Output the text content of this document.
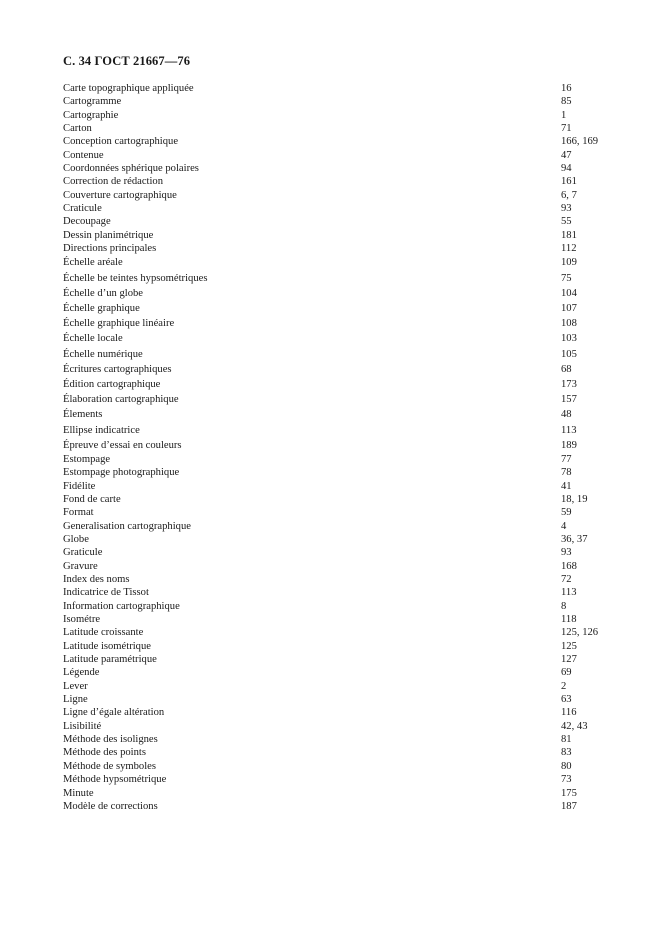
С. 34 ГОСТ 21667—76
Carte topographique appliquée	16
Cartogramme	85
Cartographie	1
Carton	71
Conception cartographique	166, 169
Contenue	47
Coordonnées sphérique polaires	94
Correction de rédaction	161
Couverture cartographique	6, 7
Craticule	93
Decoupage	55
Dessin planimétrique	181
Directions principales	112
Échelle aréale	109
Échelle be teintes hypsométriques	75
Échelle d’un globe	104
Échelle graphique	107
Échelle graphique linéaire	108
Échelle locale	103
Échelle numérique	105
Écritures cartographiques	68
Édition cartographique	173
Élaboration cartographique	157
Élements	48
Ellipse indicatrice	113
Épreuve d’essai en couleurs	189
Estompage	77
Estompage photographique	78
Fidélite	41
Fond de carte	18, 19
Format	59
Generalisation cartographique	4
Globe	36, 37
Graticule	93
Gravure	168
Index des noms	72
Indicatrice de Tissot	113
Information cartographique	8
Isométre	118
Latitude croissante	125, 126
Latitude isométrique	125
Latitude paramétrique	127
Légende	69
Lever	2
Ligne	63
Ligne d’égale altération	116
Lisibilité	42, 43
Méthode des isolignes	81
Méthode des points	83
Méthode de symboles	80
Méthode hypsométrique	73
Minute	175
Modèle de corrections	187
